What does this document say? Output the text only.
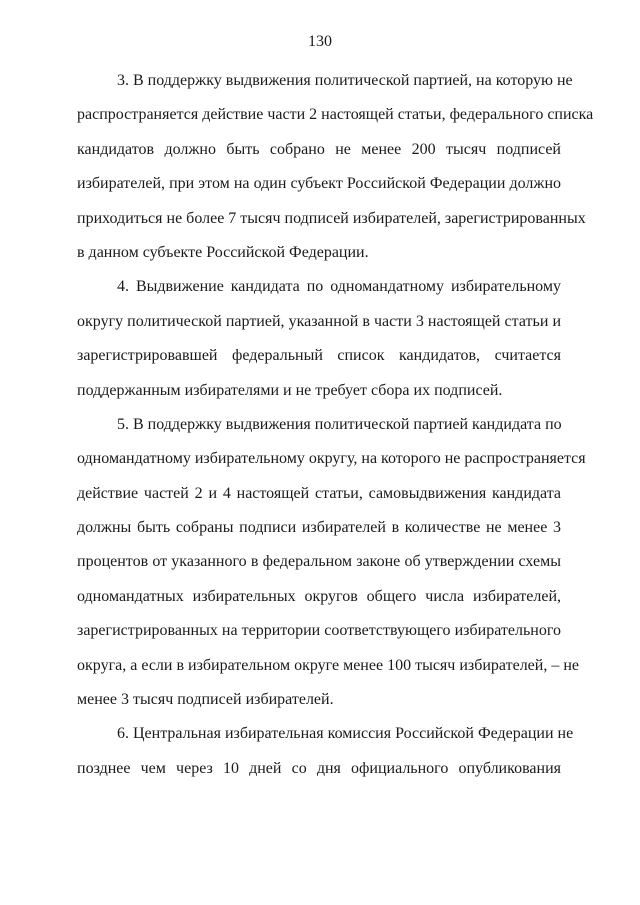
130
3. В поддержку выдвижения политической партией, на которую не
распространяется действие части 2 настоящей статьи, федерального списка
кандидатов должно быть собрано не менее 200 тысяч подписей
избирателей, при этом на один субъект Российской Федерации должно
приходиться не более 7 тысяч подписей избирателей, зарегистрированных
в данном субъекте Российской Федерации.
4. Выдвижение кандидата по одномандатному избирательному
округу политической партией, указанной в части 3 настоящей статьи и
зарегистрировавшей федеральный список кандидатов, считается
поддержанным избирателями и не требует сбора их подписей.
5. В поддержку выдвижения политической партией кандидата по
одномандатному избирательному округу, на которого не распространяется
действие частей 2 и 4 настоящей статьи, самовыдвижения кандидата
должны быть собраны подписи избирателей в количестве не менее 3
процентов от указанного в федеральном законе об утверждении схемы
одномандатных избирательных округов общего числа избирателей,
зарегистрированных на территории соответствующего избирательного
округа, а если в избирательном округе менее 100 тысяч избирателей, – не
менее 3 тысяч подписей избирателей.
6. Центральная избирательная комиссия Российской Федерации не
позднее чем через 10 дней со дня официального опубликования
